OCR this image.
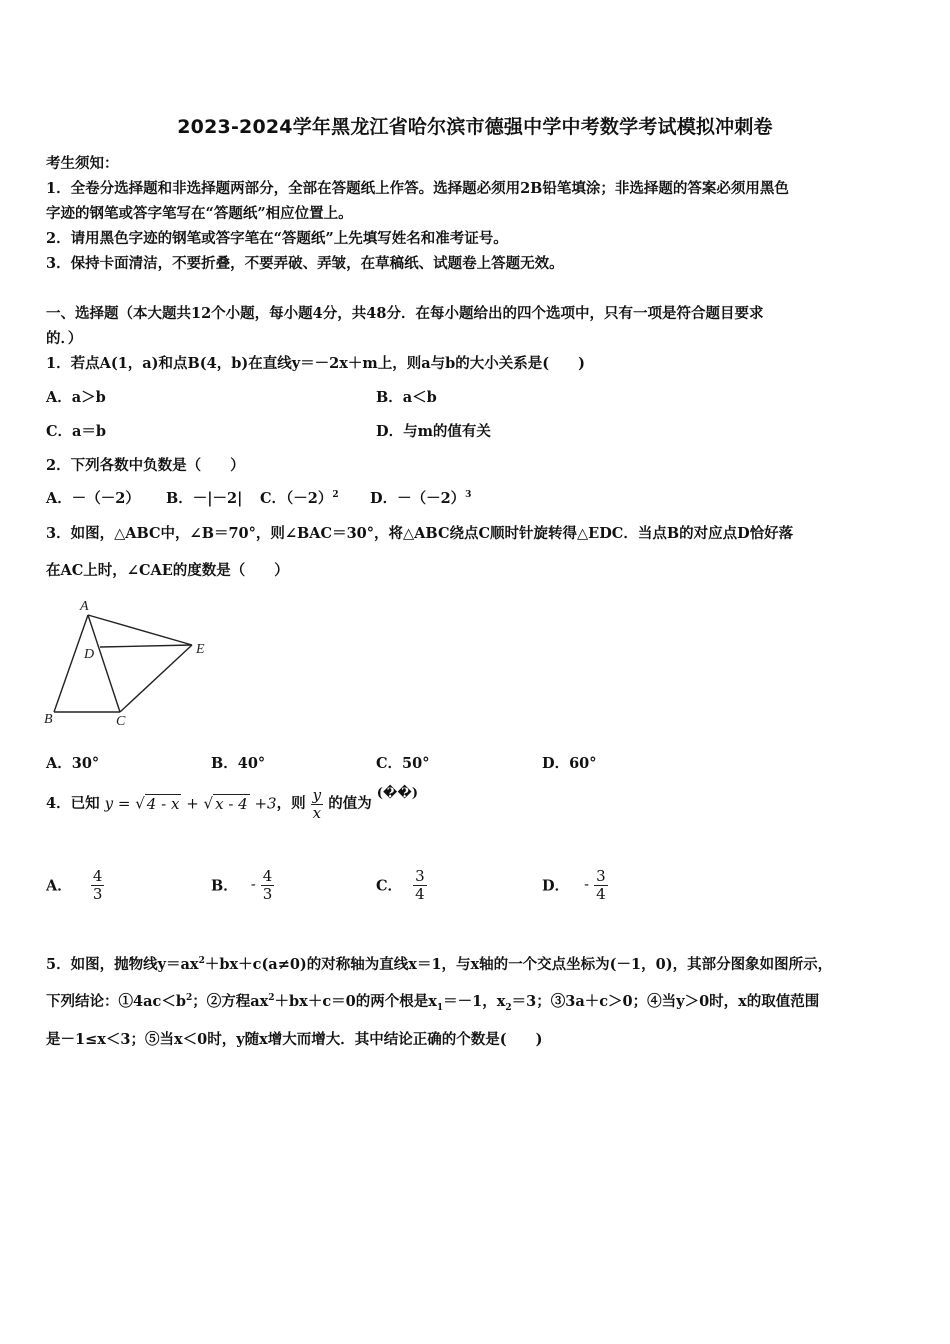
2023-2024学年黑龙江省哈尔滨市德强中学中考数学考试模拟冲刺卷
考生须知：
1．全卷分选择题和非选择题两部分，全部在答题纸上作答。选择题必须用2B铅笔填涂；非选择题的答案必须用黑色
字迹的钢笔或答字笔写在“答题纸”相应位置上。
2．请用黑色字迹的钢笔或答字笔在“答题纸”上先填写姓名和准考证号。
3．保持卡面清洁，不要折叠，不要弄破、弄皱，在草稿纸、试题卷上答题无效。
一、选择题（本大题共12个小题，每小题4分，共48分．在每小题给出的四个选项中，只有一项是符合题目要求
的．）
1．若点A(1，a)和点B(4，b)在直线y＝－2x＋m上，则a与b的大小关系是(　　)
A．a＞b	B．a＜b
C．a＝b	D．与m的值有关
2．下列各数中负数是（　　）
A．－（－2） B．－|－2| C．$(-2)^2$ D．$-(-2)^3$
3．如图，△ABC中，∠B＝70°，则∠BAC＝30°，将△ABC绕点C顺时针旋转得△EDC．当点B的对应点D恰好落
在AC上时，∠CAE的度数是（　　）
A
D	E
B	C
A．30°	B．40°	C．50°	D．60°
4．已知 y = √ 4 - x + √ x - 4 +3，则 $\frac{y}{x}$ 的值为 (��)
A． $\frac{4}{3}$	B． - $\frac{4}{3}$	C． $\frac{3}{4}$	D． - $\frac{3}{4}$
5．如图，抛物线$y=ax^2+bx+c(a\ne 0)$的对称轴为直线x＝1，与x轴的一个交点坐标为(－1，0)，其部分图象如图所示，
下列结论：$①4ac<b^2$；②方程$ax^2+bx+c=0$的两个根是$x_1=-1$，$x_2=3$；③3a＋c＞0；④当y＞0时，x的取值范围
是－1≤x＜3；⑤当x＜0时，y随x增大而增大．其中结论正确的个数是(　　)
